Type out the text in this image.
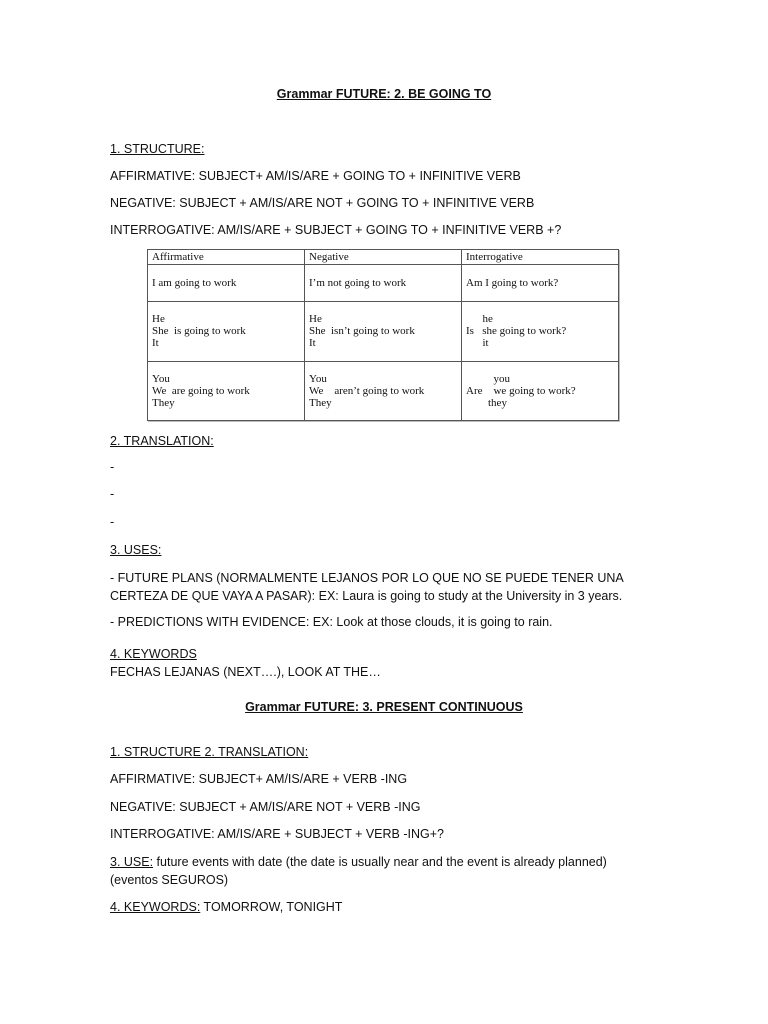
Grammar FUTURE: 2. BE GOING TO
1. STRUCTURE:
AFFIRMATIVE: SUBJECT+ AM/IS/ARE + GOING TO + INFINITIVE VERB
NEGATIVE: SUBJECT + AM/IS/ARE NOT + GOING TO + INFINITIVE VERB
INTERROGATIVE: AM/IS/ARE + SUBJECT + GOING TO + INFINITIVE VERB +?
Affirmative	Negative	Interrogative

I am going to work	I’m not going to work	Am I going to work?

He
She  is going to work
It	He
She  isn’t going to work
It	he
Is   she going to work?
it

You
We  are going to work
They	You
We    aren’t going to work
They	you
Are    we going to work?
they
2. TRANSLATION:
-
-
-
3. USES:
- FUTURE PLANS (NORMALMENTE LEJANOS POR LO QUE NO SE PUEDE TENER UNA CERTEZA DE QUE VAYA A PASAR): EX: Laura is going to study at the University in 3 years.
- PREDICTIONS WITH EVIDENCE: EX: Look at those clouds, it is going to rain.
4. KEYWORDS
FECHAS LEJANAS (NEXT….), LOOK AT THE…
Grammar FUTURE: 3. PRESENT CONTINUOUS
1. STRUCTURE 2. TRANSLATION:
AFFIRMATIVE: SUBJECT+ AM/IS/ARE + VERB -ING
NEGATIVE: SUBJECT + AM/IS/ARE NOT + VERB -ING
INTERROGATIVE: AM/IS/ARE + SUBJECT + VERB -ING+?
3. USE: future events with date (the date is usually near and the event is already planned) (eventos SEGUROS)
4. KEYWORDS: TOMORROW, TONIGHT
